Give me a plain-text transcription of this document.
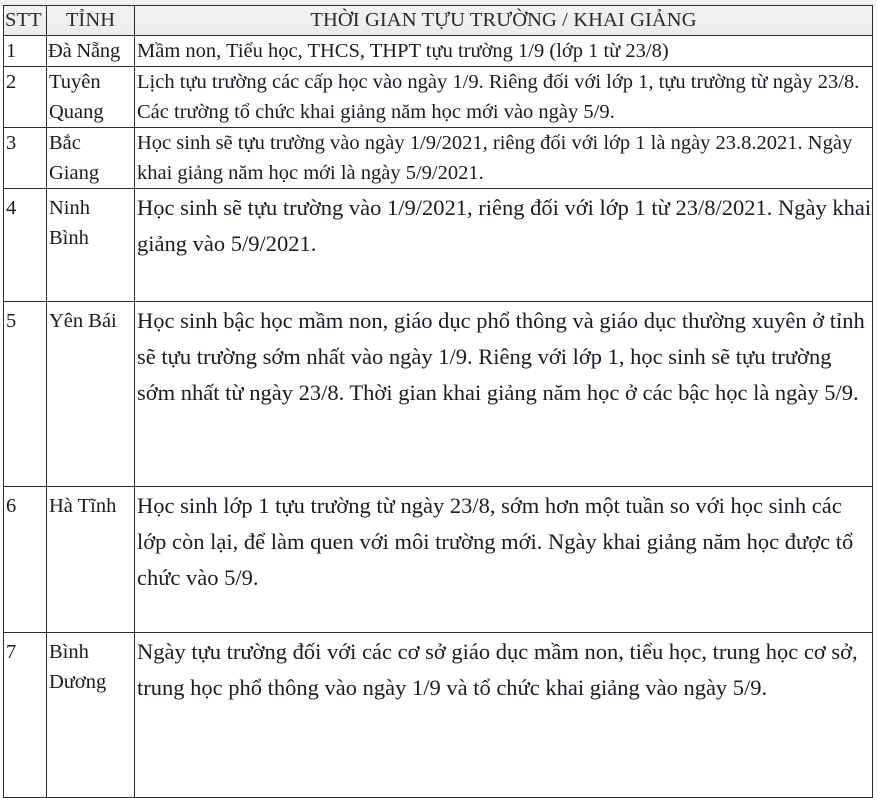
STT	TỈNH	THỜI GIAN TỰU TRƯỜNG / KHAI GIẢNG
1	Đà Nẵng	Mầm non, Tiểu học, THCS, THPT tựu trường 1/9 (lớp 1 từ 23/8)
2	Tuyên Quang	Lịch tựu trường các cấp học vào ngày 1/9. Riêng đối với lớp 1, tựu trường từ ngày 23/8. Các trường tổ chức khai giảng năm học mới vào ngày 5/9.
3	Bắc Giang	Học sinh sẽ tựu trường vào ngày 1/9/2021, riêng đối với lớp 1 là ngày 23.8.2021. Ngày khai giảng năm học mới là ngày 5/9/2021.
4	Ninh Bình	Học sinh sẽ tựu trường vào 1/9/2021, riêng đối với lớp 1 từ 23/8/2021. Ngày khai giảng vào 5/9/2021.
5	Yên Bái	Học sinh bậc học mầm non, giáo dục phổ thông và giáo dục thường xuyên ở tỉnh sẽ tựu trường sớm nhất vào ngày 1/9. Riêng với lớp 1, học sinh sẽ tựu trường sớm nhất từ ngày 23/8. Thời gian khai giảng năm học ở các bậc học là ngày 5/9.
6	Hà Tĩnh	Học sinh lớp 1 tựu trường từ ngày 23/8, sớm hơn một tuần so với học sinh các lớp còn lại, để làm quen với môi trường mới. Ngày khai giảng năm học được tổ chức vào 5/9.
7	Bình Dương	Ngày tựu trường đối với các cơ sở giáo dục mầm non, tiểu học, trung học cơ sở, trung học phổ thông vào ngày 1/9 và tổ chức khai giảng vào ngày 5/9.
